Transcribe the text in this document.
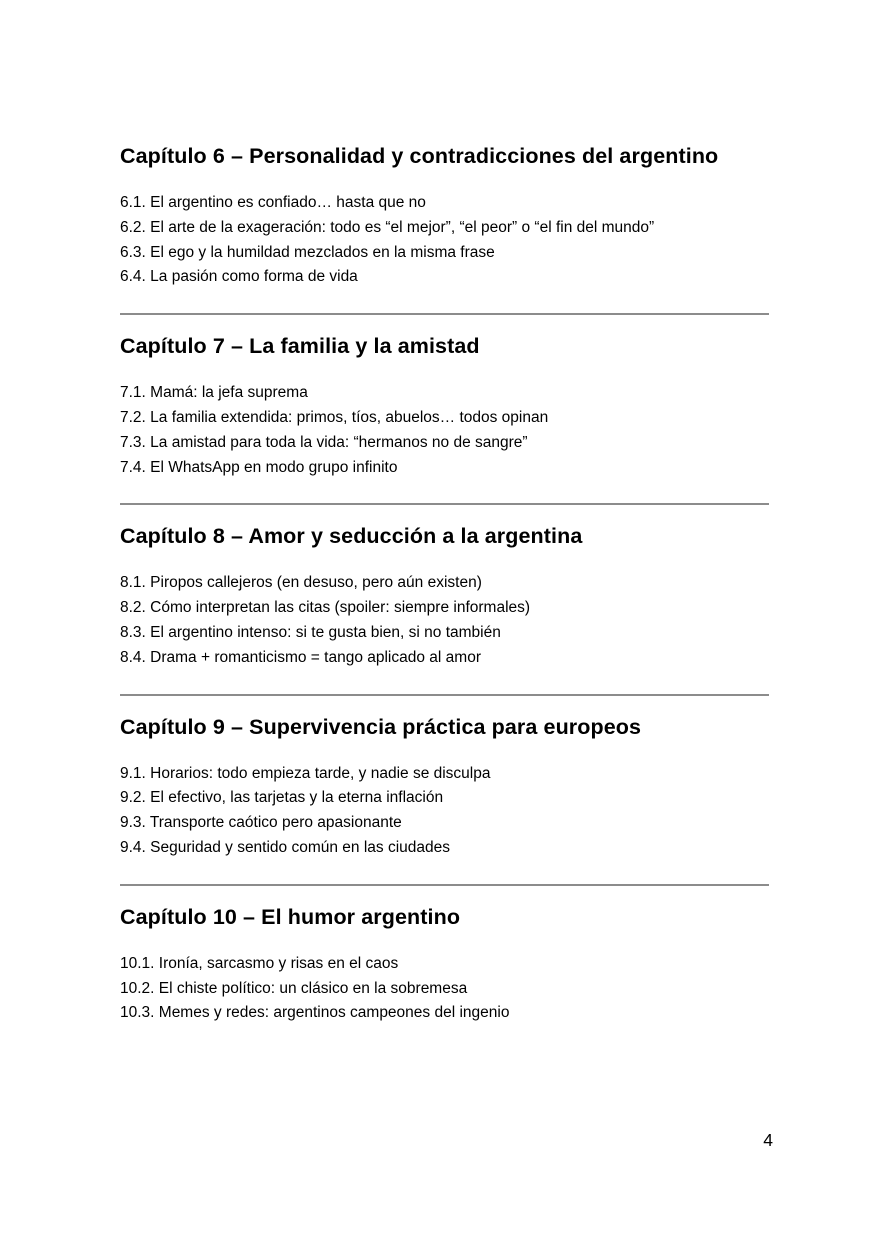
Capítulo 6 – Personalidad y contradicciones del argentino
6.1. El argentino es confiado… hasta que no
6.2. El arte de la exageración: todo es “el mejor”, “el peor” o “el fin del mundo”
6.3. El ego y la humildad mezclados en la misma frase
6.4. La pasión como forma de vida
Capítulo 7 – La familia y la amistad
7.1. Mamá: la jefa suprema
7.2. La familia extendida: primos, tíos, abuelos… todos opinan
7.3. La amistad para toda la vida: “hermanos no de sangre”
7.4. El WhatsApp en modo grupo infinito
Capítulo 8 – Amor y seducción a la argentina
8.1. Piropos callejeros (en desuso, pero aún existen)
8.2. Cómo interpretan las citas (spoiler: siempre informales)
8.3. El argentino intenso: si te gusta bien, si no también
8.4. Drama + romanticismo = tango aplicado al amor
Capítulo 9 – Supervivencia práctica para europeos
9.1. Horarios: todo empieza tarde, y nadie se disculpa
9.2. El efectivo, las tarjetas y la eterna inflación
9.3. Transporte caótico pero apasionante
9.4. Seguridad y sentido común en las ciudades
Capítulo 10 – El humor argentino
10.1. Ironía, sarcasmo y risas en el caos
10.2. El chiste político: un clásico en la sobremesa
10.3. Memes y redes: argentinos campeones del ingenio
4
